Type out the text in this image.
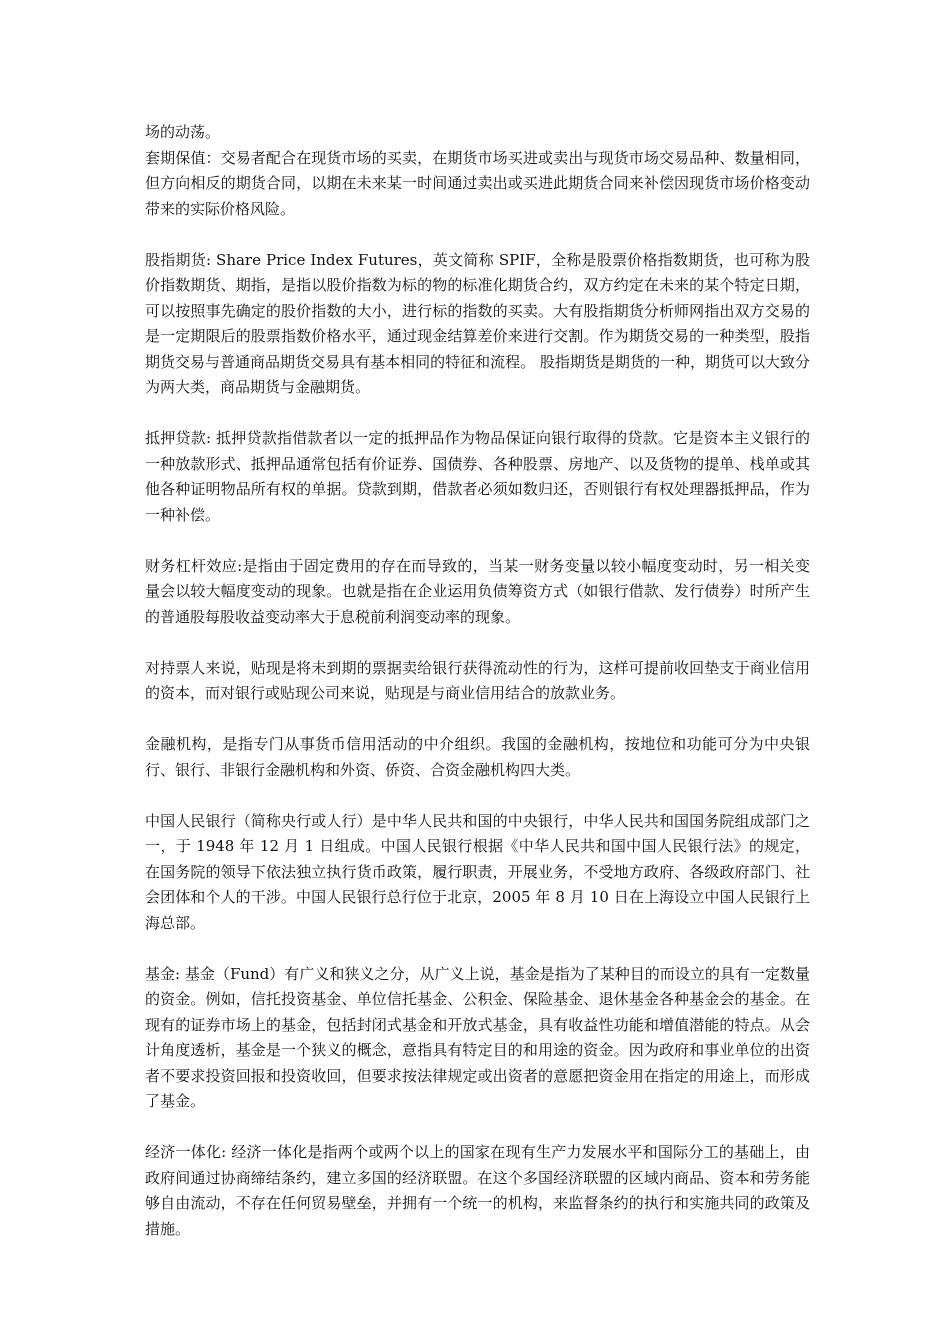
场的动荡。

套期保值：交易者配合在现货市场的买卖，在期货市场买进或卖出与现货市场交易品种、数量相同，但方向相反的期货合同，以期在未来某一时间通过卖出或买进此期货合同来补偿因现货市场价格变动带来的实际价格风险。

股指期货: Share Price Index Futures，英文简称 SPIF，全称是股票价格指数期货，也可称为股价指数期货、期指，是指以股价指数为标的物的标准化期货合约，双方约定在未来的某个特定日期，可以按照事先确定的股价指数的大小，进行标的指数的买卖。大有股指期货分析师网指出双方交易的是一定期限后的股票指数价格水平，通过现金结算差价来进行交割。作为期货交易的一种类型，股指期货交易与普通商品期货交易具有基本相同的特征和流程。 股指期货是期货的一种，期货可以大致分为两大类，商品期货与金融期货。

抵押贷款: 抵押贷款指借款者以一定的抵押品作为物品保证向银行取得的贷款。它是资本主义银行的一种放款形式、抵押品通常包括有价证券、国债券、各种股票、房地产、以及货物的提单、栈单或其他各种证明物品所有权的单据。贷款到期，借款者必须如数归还，否则银行有权处理器抵押品，作为一种补偿。

财务杠杆效应:是指由于固定费用的存在而导致的，当某一财务变量以较小幅度变动时，另一相关变量会以较大幅度变动的现象。也就是指在企业运用负债筹资方式（如银行借款、发行债券）时所产生的普通股每股收益变动率大于息税前利润变动率的现象。

对持票人来说，贴现是将未到期的票据卖给银行获得流动性的行为，这样可提前收回垫支于商业信用的资本，而对银行或贴现公司来说，贴现是与商业信用结合的放款业务。

金融机构，是指专门从事货币信用活动的中介组织。我国的金融机构，按地位和功能可分为中央银行、银行、非银行金融机构和外资、侨资、合资金融机构四大类。

中国人民银行（简称央行或人行）是中华人民共和国的中央银行，中华人民共和国国务院组成部门之一，于 1948 年 12 月 1 日组成。中国人民银行根据《中华人民共和国中国人民银行法》的规定，在国务院的领导下依法独立执行货币政策，履行职责，开展业务，不受地方政府、各级政府部门、社会团体和个人的干涉。中国人民银行总行位于北京，2005 年 8 月 10 日在上海设立中国人民银行上海总部。

基金: 基金（Fund）有广义和狭义之分，从广义上说，基金是指为了某种目的而设立的具有一定数量的资金。例如，信托投资基金、单位信托基金、公积金、保险基金、退休基金各种基金会的基金。在现有的证券市场上的基金，包括封闭式基金和开放式基金，具有收益性功能和增值潜能的特点。从会计角度透析，基金是一个狭义的概念，意指具有特定目的和用途的资金。因为政府和事业单位的出资者不要求投资回报和投资收回，但要求按法律规定或出资者的意愿把资金用在指定的用途上，而形成了基金。

经济一体化: 经济一体化是指两个或两个以上的国家在现有生产力发展水平和国际分工的基础上，由政府间通过协商缔结条约，建立多国的经济联盟。在这个多国经济联盟的区域内商品、资本和劳务能够自由流动，不存在任何贸易壁垒，并拥有一个统一的机构，来监督条约的执行和实施共同的政策及措施。
